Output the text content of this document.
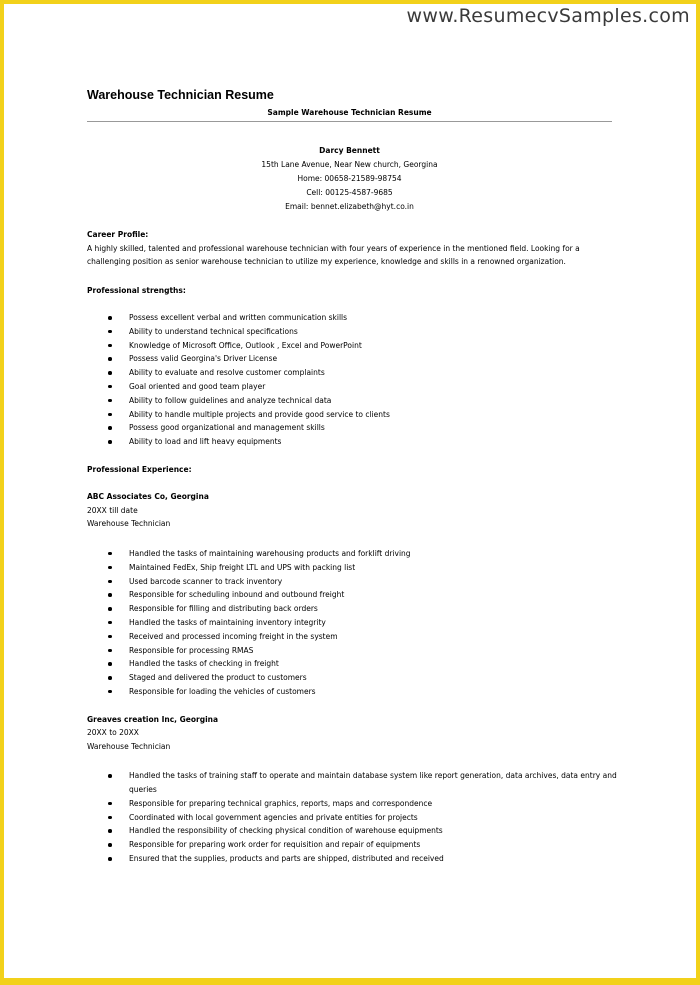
www.ResumecvSamples.com
Warehouse Technician Resume
Sample Warehouse Technician Resume
Darcy Bennett
15th Lane Avenue, Near New church, Georgina
Home: 00658-21589-98754
Cell: 00125-4587-9685
Email: bennet.elizabeth@hyt.co.in
Career Profile:

A highly skilled, talented and professional warehouse technician with four years of experience in the mentioned field. Looking for a challenging position as senior warehouse technician to utilize my experience, knowledge and skills in a renowned organization.

Professional strengths:
Possess excellent verbal and written communication skills
Ability to understand technical specifications
Knowledge of Microsoft Office, Outlook , Excel and PowerPoint
Possess valid Georgina's Driver License
Ability to evaluate and resolve customer complaints
Goal oriented and good team player
Ability to follow guidelines and analyze technical data
Ability to handle multiple projects and provide good service to clients
Possess good organizational and management skills
Ability to load and lift heavy equipments
Professional Experience:
ABC Associates Co, Georgina
20XX till date
Warehouse Technician
Handled the tasks of maintaining warehousing products and forklift driving
Maintained FedEx, Ship freight LTL and UPS with packing list
Used barcode scanner to track inventory
Responsible for scheduling inbound and outbound freight
Responsible for filling and distributing back orders
Handled the tasks of maintaining inventory integrity
Received and processed incoming freight in the system
Responsible for processing RMAS
Handled the tasks of checking in freight
Staged and delivered the product to customers
Responsible for loading the vehicles of customers
Greaves creation Inc, Georgina
20XX to 20XX
Warehouse Technician
Handled the tasks of training staff to operate and maintain database system like report generation, data archives, data entry and queries
Responsible for preparing technical graphics, reports, maps and correspondence
Coordinated with local government agencies and private entities for projects
Handled the responsibility of checking physical condition of warehouse equipments
Responsible for preparing work order for requisition and repair of equipments
Ensured that the supplies, products and parts are shipped, distributed and received
